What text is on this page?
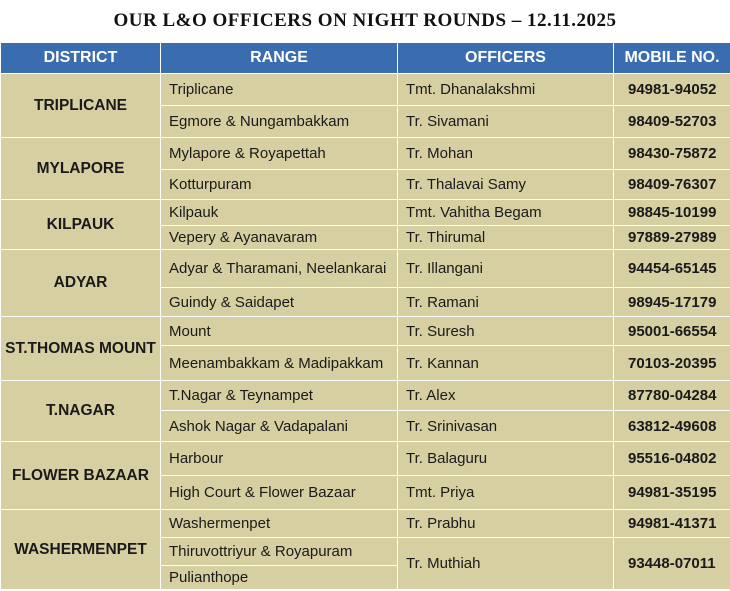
OUR L&O OFFICERS ON NIGHT ROUNDS – 12.11.2025
DISTRICT	RANGE	OFFICERS	MOBILE NO.
TRIPLICANE	Triplicane	Tmt. Dhanalakshmi	94981-94052
	Egmore & Nungambakkam	Tr. Sivamani	98409-52703
MYLAPORE	Mylapore & Royapettah	Tr. Mohan	98430-75872
	Kotturpuram	Tr. Thalavai Samy	98409-76307
KILPAUK	Kilpauk	Tmt. Vahitha Begam	98845-10199
	Vepery & Ayanavaram	Tr. Thirumal	97889-27989
ADYAR	Adyar & Tharamani, Neelankarai	Tr. Illangani	94454-65145
	Guindy & Saidapet	Tr. Ramani	98945-17179
ST.THOMAS MOUNT	Mount	Tr. Suresh	95001-66554
	Meenambakkam & Madipakkam	Tr. Kannan	70103-20395
T.NAGAR	T.Nagar & Teynampet	Tr. Alex	87780-04284
	Ashok Nagar & Vadapalani	Tr. Srinivasan	63812-49608
FLOWER BAZAAR	Harbour	Tr. Balaguru	95516-04802
	High Court & Flower Bazaar	Tmt. Priya	94981-35195
WASHERMENPET	Washermenpet	Tr. Prabhu	94981-41371
	Thiruvottriyur & Royapuram	Tr. Muthiah	93448-07011
	Pulianthope		
